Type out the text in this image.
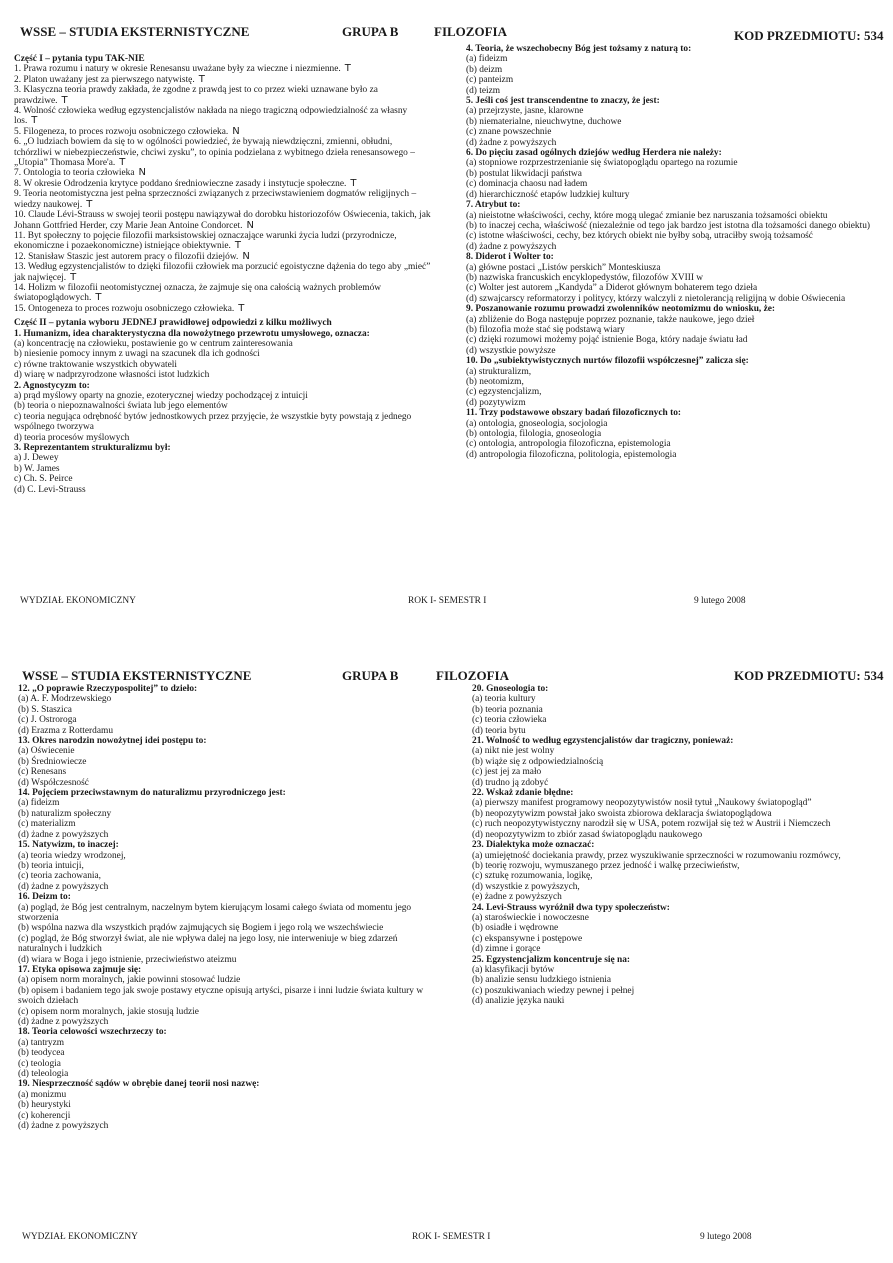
WSSE – STUDIA EKSTERNISTYCZNE	GRUPA B	FILOZOFIA	KOD PRZEDMIOTU: 534
Część I – pytania typu TAK-NIE
1. Prawa rozumu i natury w okresie Renesansu uważane były za wieczne i niezmienne. T
2. Platon uważany jest za pierwszego natywistę. T
3. Klasyczna teoria prawdy zakłada, że zgodne z prawdą jest to co przez wieki uznawane było za prawdziwe. T
4. Wolność człowieka według egzystencjalistów nakłada na niego tragiczną odpowiedzialność za własny los. T
5. Filogeneza, to proces rozwoju osobniczego człowieka. N
6. „O ludziach bowiem da się to w ogólności powiedzieć, że bywają niewdzięczni, zmienni, obłudni, tchórzliwi w niebezpieczeństwie, chciwi zysku”, to opinia podzielana z wybitnego dzieła renesansowego – „Utopia” Thomasa More'a. T
7. Ontologia to teoria człowieka N
8. W okresie Odrodzenia krytyce poddano średniowieczne zasady i instytucje społeczne. T
9. Teoria neotomistyczna jest pełna sprzeczności związanych z przeciwstawieniem dogmatów religijnych – wiedzy naukowej. T
10. Claude Lévi-Strauss w swojej teorii postępu nawiązywał do dorobku historiozofów Oświecenia, takich, jak Johann Gottfried Herder, czy Marie Jean Antoine Condorcet. N
11. Byt społeczny to pojęcie filozofii marksistowskiej oznaczające warunki życia ludzi (przyrodnicze, ekonomiczne i pozaekonomiczne) istniejące obiektywnie. T
12. Stanisław Staszic jest autorem pracy o filozofii dziejów. N
13. Według egzystencjalistów to dzięki filozofii człowiek ma porzucić egoistyczne dążenia do tego aby „mieć” jak najwięcej. T
14. Holizm w filozofii neotomistycznej oznacza, że zajmuje się ona całością ważnych problemów światopoglądowych. T
15. Ontogeneza to proces rozwoju osobniczego człowieka. T
Część II – pytania wyboru JEDNEJ prawidłowej odpowiedzi z kilku możliwych
1. Humanizm, idea charakterystyczna dla nowożytnego przewrotu umysłowego, oznacza:
(a) koncentrację na człowieku, postawienie go w centrum zainteresowania
b) niesienie pomocy innym z uwagi na szacunek dla ich godności
c) równe traktowanie wszystkich obywateli
d) wiarę w nadprzyrodzone własności istot ludzkich
2. Agnostycyzm to:
a) prąd myślowy oparty na gnozie, ezoterycznej wiedzy pochodzącej z intuicji
(b) teoria o niepoznawalności świata lub jego elementów
c) teoria negująca odrębność bytów jednostkowych przez przyjęcie, że wszystkie byty powstają z jednego wspólnego tworzywa
d) teoria procesów myślowych
3. Reprezentantem strukturalizmu był:
a) J. Dewey
b) W. James
c) Ch. S. Peirce
(d) C. Levi-Strauss
4. Teoria, że wszechobecny Bóg jest tożsamy z naturą to:
(a) fideizm
(b) deizm
(c) panteizm
(d) teizm
5. Jeśli coś jest transcendentne to znaczy, że jest:
(a) przejrzyste, jasne, klarowne
(b) niematerialne, nieuchwytne, duchowe
(c) znane powszechnie
(d) żadne z powyższych
6. Do pięciu zasad ogólnych dziejów według Herdera nie należy:
(a) stopniowe rozprzestrzenianie się światopoglądu opartego na rozumie
(b) postulat likwidacji państwa
(c) dominacja chaosu nad ładem
(d) hierarchiczność etapów ludzkiej kultury
7. Atrybut to:
(a) nieistotne właściwości, cechy, które mogą ulegać zmianie bez naruszania tożsamości obiektu
(b) to inaczej cecha, właściwość (niezależnie od tego jak bardzo jest istotna dla tożsamości danego obiektu)
(c) istotne właściwości, cechy, bez których obiekt nie byłby sobą, utraciłby swoją tożsamość
(d) żadne z powyższych
8. Diderot i Wolter to:
(a) główne postaci „Listów perskich” Monteskiusza
(b) nazwiska francuskich encyklopedystów, filozofów XVIII w
(c) Wolter jest autorem „Kandyda” a Diderot głównym bohaterem tego dzieła
(d) szwajcarscy reformatorzy i politycy, którzy walczyli z nietolerancją religijną w dobie Oświecenia
9. Poszanowanie rozumu prowadzi zwolenników neotomizmu do wniosku, że:
(a) zbliżenie do Boga następuje poprzez poznanie, także naukowe, jego dzieł
(b) filozofia może stać się podstawą wiary
(c) dzięki rozumowi możemy pojąć istnienie Boga, który nadaje światu ład
(d) wszystkie powyższe
10. Do „subiektywistycznych nurtów filozofii współczesnej” zalicza się:
(a) strukturalizm,
(b) neotomizm,
(c) egzystencjalizm,
(d) pozytywizm
11. Trzy podstawowe obszary badań filozoficznych to:
(a) ontologia, gnoseologia, socjologia
(b) ontologia, filologia, gnoseologia
(c) ontologia, antropologia filozoficzna, epistemologia
(d) antropologia filozoficzna, politologia, epistemologia
WYDZIAŁ EKONOMICZNY	ROK I- SEMESTR I	9 lutego 2008
WSSE – STUDIA EKSTERNISTYCZNE	GRUPA B	FILOZOFIA	KOD PRZEDMIOTU: 534
12. „O poprawie Rzeczypospolitej” to dzieło:
(a) A. F. Modrzewskiego
(b) S. Staszica
(c) J. Ostroroga
(d) Erazma z Rotterdamu
13. Okres narodzin nowożytnej idei postępu to:
(a) Oświecenie
(b) Średniowiecze
(c) Renesans
(d) Współczesność
14. Pojęciem przeciwstawnym do naturalizmu przyrodniczego jest:
(a) fideizm
(b) naturalizm społeczny
(c) materializm
(d) żadne z powyższych
15. Natywizm, to inaczej:
(a) teoria wiedzy wrodzonej,
(b) teoria intuicji,
(c) teoria zachowania,
(d) żadne z powyższych
16. Deizm to:
(a) pogląd, że Bóg jest centralnym, naczelnym bytem kierującym losami całego świata od momentu jego stworzenia
(b) wspólna nazwa dla wszystkich prądów zajmujących się Bogiem i jego rolą we wszechświecie
(c) pogląd, że Bóg stworzył świat, ale nie wpływa dalej na jego losy, nie interweniuje w bieg zdarzeń naturalnych i ludzkich
(d) wiara w Boga i jego istnienie, przeciwieństwo ateizmu
17. Etyka opisowa zajmuje się:
(a) opisem norm moralnych, jakie powinni stosować ludzie
(b) opisem i badaniem tego jak swoje postawy etyczne opisują artyści, pisarze i inni ludzie świata kultury w swoich dziełach
(c) opisem norm moralnych, jakie stosują ludzie
(d) żadne z powyższych
18. Teoria celowości wszechrzeczy to:
(a) tantryzm
(b) teodycea
(c) teologia
(d) teleologia
19. Niesprzeczność sądów w obrębie danej teorii nosi nazwę:
(a) monizmu
(b) heurystyki
(c) koherencji
(d) żadne z powyższych
20. Gnoseologia to:
(a) teoria kultury
(b) teoria poznania
(c) teoria człowieka
(d) teoria bytu
21. Wolność to według egzystencjalistów dar tragiczny, ponieważ:
(a) nikt nie jest wolny
(b) wiąże się z odpowiedzialnością
(c) jest jej za mało
(d) trudno ją zdobyć
22. Wskaż zdanie błędne:
(a) pierwszy manifest programowy neopozytywistów nosił tytuł „Naukowy światopogląd”
(b) neopozytywizm powstał jako swoista zbiorowa deklaracja światopoglądowa
(c) ruch neopozytywistyczny narodził się w USA, potem rozwijał się też w Austrii i Niemczech
(d) neopozytywizm to zbiór zasad światopoglądu naukowego
23. Dialektyka może oznaczać:
(a) umiejętność dociekania prawdy, przez wyszukiwanie sprzeczności w rozumowaniu rozmówcy,
(b) teorię rozwoju, wymuszanego przez jedność i walkę przeciwieństw,
(c) sztukę rozumowania, logikę,
(d) wszystkie z powyższych,
(e) żadne z powyższych
24. Levi-Strauss wyróżnił dwa typy społeczeństw:
(a) staroświeckie i nowoczesne
(b) osiadłe i wędrowne
(c) ekspansywne i postępowe
(d) zimne i gorące
25. Egzystencjalizm koncentruje się na:
(a) klasyfikacji bytów
(b) analizie sensu ludzkiego istnienia
(c) poszukiwaniach wiedzy pewnej i pełnej
(d) analizie języka nauki
WYDZIAŁ EKONOMICZNY	ROK I- SEMESTR I	9 lutego 2008
